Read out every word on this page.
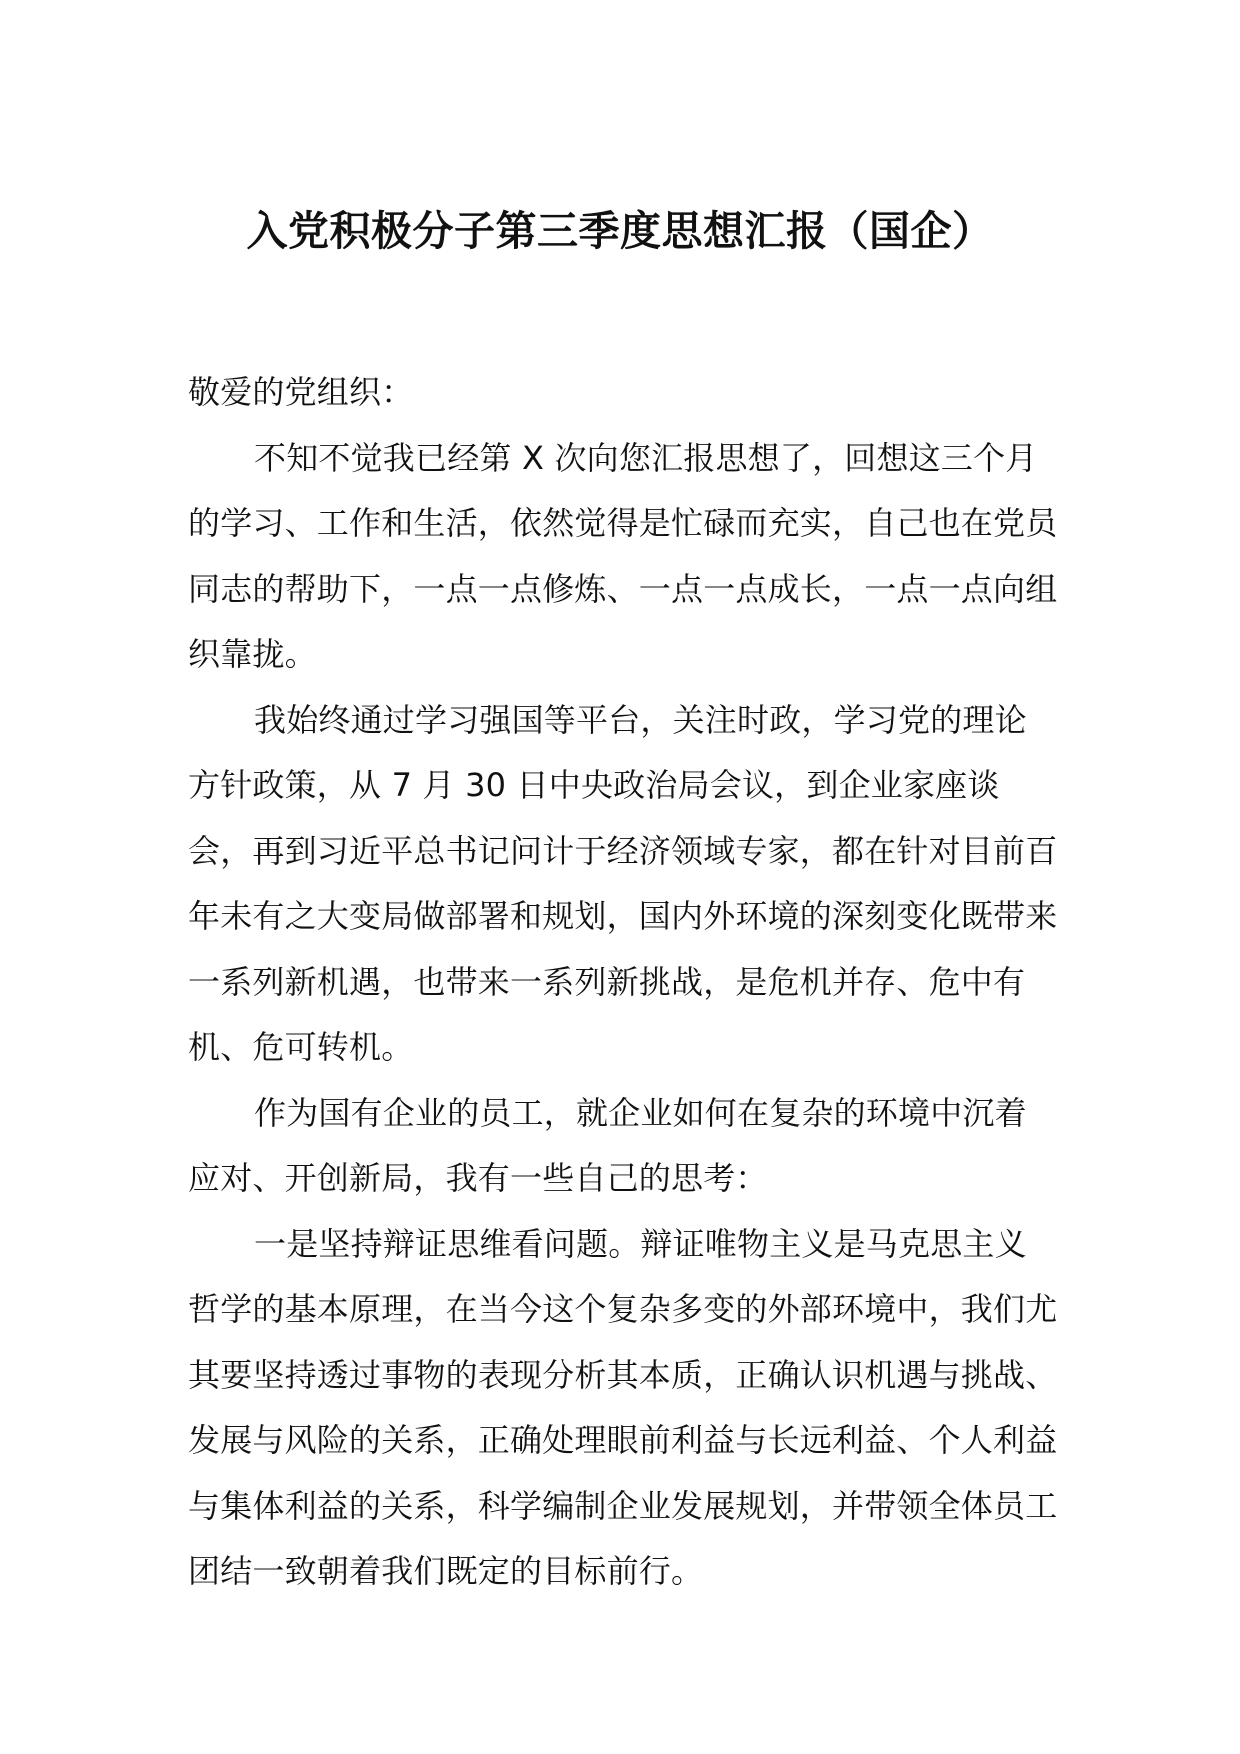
入党积极分子第三季度思想汇报（国企）

敬爱的党组织：

不知不觉我已经第 X 次向您汇报思想了，回想这三个月的学习、工作和生活，依然觉得是忙碌而充实，自己也在党员同志的帮助下，一点一点修炼、一点一点成长，一点一点向组织靠拢。

我始终通过学习强国等平台，关注时政，学习党的理论方针政策，从 7 月 30 日中央政治局会议，到企业家座谈会，再到习近平总书记问计于经济领域专家，都在针对目前百年未有之大变局做部署和规划，国内外环境的深刻变化既带来一系列新机遇，也带来一系列新挑战，是危机并存、危中有机、危可转机。

作为国有企业的员工，就企业如何在复杂的环境中沉着应对、开创新局，我有一些自己的思考：

一是坚持辩证思维看问题。辩证唯物主义是马克思主义哲学的基本原理，在当今这个复杂多变的外部环境中，我们尤其要坚持透过事物的表现分析其本质，正确认识机遇与挑战、发展与风险的关系，正确处理眼前利益与长远利益、个人利益与集体利益的关系，科学编制企业发展规划，并带领全体员工团结一致朝着我们既定的目标前行。
